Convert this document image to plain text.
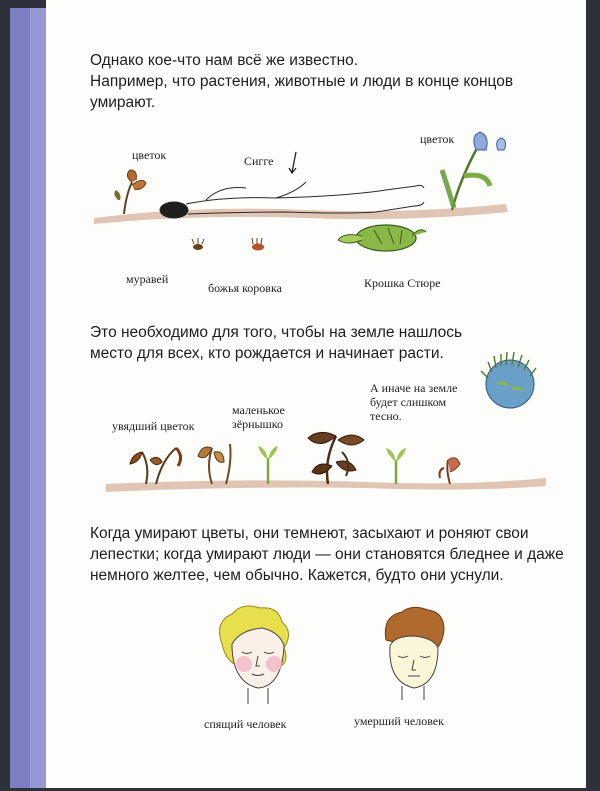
Однако кое-что нам всё же известно.
Например, что растения, животные и люди в конце концов
умирают.
цветок	Сигге
цветок
муравей
божья коровка	Крошка Стюре
Это необходимо для того, чтобы на земле нашлось
место для всех, кто рождается и начинает расти.
увядший цветок
маленькое
зёрнышко
А иначе на земле
будет слишком
тесно.
Когда умирают цветы, они темнеют, засыхают и роняют свои
лепестки; когда умирают люди — они становятся бледнее и даже
немного желтее, чем обычно. Кажется, будто они уснули.
спящий человек	умерший человек
